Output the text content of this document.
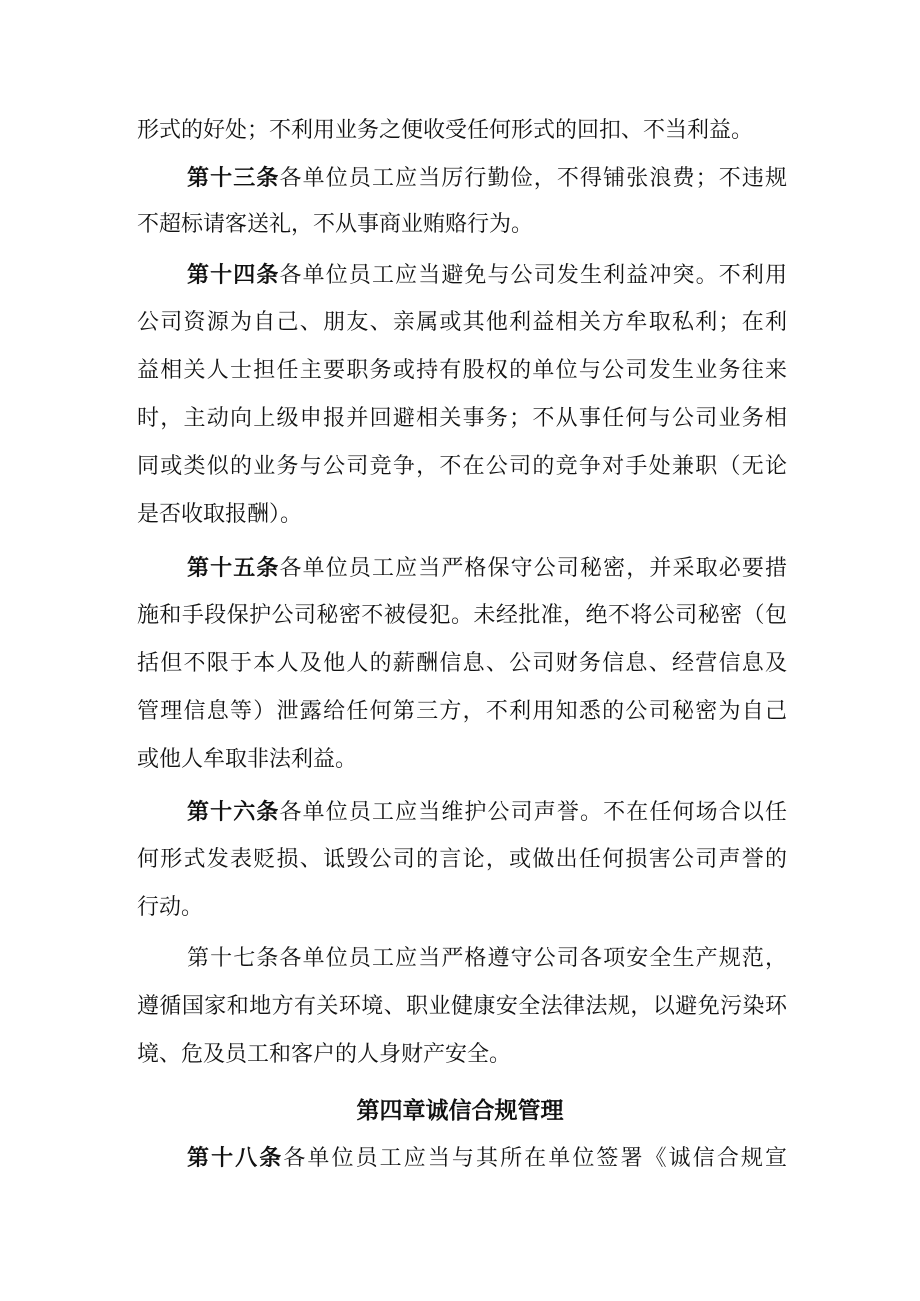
形式的好处；不利用业务之便收受任何形式的回扣、不当利益。
第十三条各单位员工应当厉行勤俭，不得铺张浪费；不违规
不超标请客送礼，不从事商业贿赂行为。
第十四条各单位员工应当避免与公司发生利益冲突。不利用
公司资源为自己、朋友、亲属或其他利益相关方牟取私利；在利
益相关人士担任主要职务或持有股权的单位与公司发生业务往来
时，主动向上级申报并回避相关事务；不从事任何与公司业务相
同或类似的业务与公司竞争，不在公司的竞争对手处兼职（无论
是否收取报酬）。
第十五条各单位员工应当严格保守公司秘密，并采取必要措
施和手段保护公司秘密不被侵犯。未经批准，绝不将公司秘密（包
括但不限于本人及他人的薪酬信息、公司财务信息、经营信息及
管理信息等）泄露给任何第三方，不利用知悉的公司秘密为自己
或他人牟取非法利益。
第十六条各单位员工应当维护公司声誉。不在任何场合以任
何形式发表贬损、诋毁公司的言论，或做出任何损害公司声誉的
行动。
第十七条各单位员工应当严格遵守公司各项安全生产规范，
遵循国家和地方有关环境、职业健康安全法律法规，以避免污染环
境、危及员工和客户的人身财产安全。
第四章诚信合规管理
第十八条各单位员工应当与其所在单位签署《诚信合规宣
